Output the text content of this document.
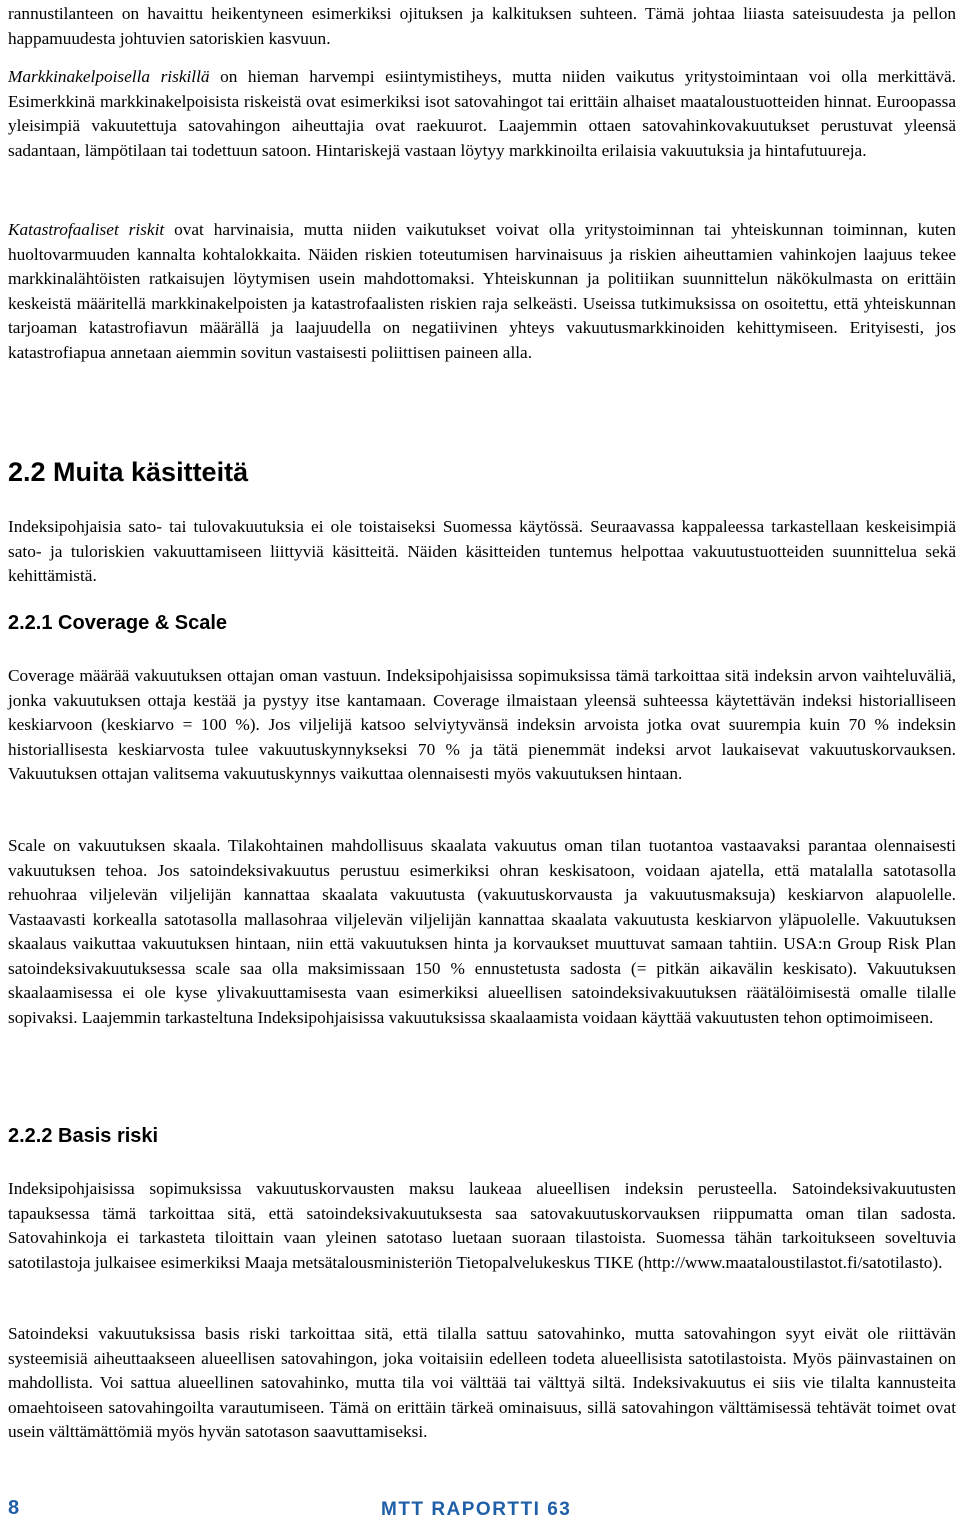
rannustilanteen on havaittu heikentyneen esimerkiksi ojituksen ja kalkituksen suhteen. Tämä johtaa liiasta sateisuudesta ja pellon happamuudesta johtuvien satoriskien kasvuun.

Markkinakelpoisella riskillä on hieman harvempi esiintymistiheys, mutta niiden vaikutus yritystoimintaan voi olla merkittävä. Esimerkkinä markkinakelpoisista riskeistä ovat esimerkiksi isot satovahingot tai erittäin alhaiset maataloustuotteiden hinnat. Euroopassa yleisimpiä vakuutettuja satovahingon aiheuttajia ovat raekuurot. Laajemmin ottaen satovahinkovakuutukset perustuvat yleensä sadantaan, lämpötilaan tai todettuun satoon. Hintariskejä vastaan löytyy markkinoilta erilaisia vakuutuksia ja hintafutuureja.

Katastrofaaliset riskit ovat harvinaisia, mutta niiden vaikutukset voivat olla yritystoiminnan tai yhteiskunnan toiminnan, kuten huoltovarmuuden kannalta kohtalokkaita. Näiden riskien toteutumisen harvinaisuus ja riskien aiheuttamien vahinkojen laajuus tekee markkinalähtöisten ratkaisujen löytymisen usein mahdottomaksi. Yhteiskunnan ja politiikan suunnittelun näkökulmasta on erittäin keskeistä määritellä markkinakelpoisten ja katastrofaalisten riskien raja selkeästi. Useissa tutkimuksissa on osoitettu, että yhteiskunnan tarjoaman katastrofiavun määrällä ja laajuudella on negatiivinen yhteys vakuutusmarkkinoiden kehittymiseen. Erityisesti, jos katastrofiapua annetaan aiemmin sovitun vastaisesti poliittisen paineen alla.

2.2 Muita käsitteitä

Indeksipohjaisia sato- tai tulovakuutuksia ei ole toistaiseksi Suomessa käytössä. Seuraavassa kappaleessa tarkastellaan keskeisimpiä sato- ja tuloriskien vakuuttamiseen liittyviä käsitteitä. Näiden käsitteiden tuntemus helpottaa vakuutustuotteiden suunnittelua sekä kehittämistä.

2.2.1 Coverage & Scale

Coverage määrää vakuutuksen ottajan oman vastuun. Indeksipohjaisissa sopimuksissa tämä tarkoittaa sitä indeksin arvon vaihteluväliä, jonka vakuutuksen ottaja kestää ja pystyy itse kantamaan. Coverage ilmaistaan yleensä suhteessa käytettävän indeksi historialliseen keskiarvoon (keskiarvo = 100 %). Jos viljelijä katsoo selviytyvänsä indeksin arvoista jotka ovat suurempia kuin 70 % indeksin historiallisesta keskiarvosta tulee vakuutuskynnykseksi 70 % ja tätä pienemmät indeksi arvot laukaisevat vakuutuskorvauksen. Vakuutuksen ottajan valitsema vakuutuskynnys vaikuttaa olennaisesti myös vakuutuksen hintaan.

Scale on vakuutuksen skaala. Tilakohtainen mahdollisuus skaalata vakuutus oman tilan tuotantoa vastaavaksi parantaa olennaisesti vakuutuksen tehoa. Jos satoindeksivakuutus perustuu esimerkiksi ohran keskisatoon, voidaan ajatella, että matalalla satotasolla rehuohraa viljelevän viljelijän kannattaa skaalata vakuutusta (vakuutuskorvausta ja vakuutusmaksuja) keskiarvon alapuolelle. Vastaavasti korkealla satotasolla mallasohraa viljelevän viljelijän kannattaa skaalata vakuutusta keskiarvon yläpuolelle. Vakuutuksen skaalaus vaikuttaa vakuutuksen hintaan, niin että vakuutuksen hinta ja korvaukset muuttuvat samaan tahtiin. USA:n Group Risk Plan satoindeksivakuutuksessa scale saa olla maksimissaan 150 % ennustetusta sadosta (= pitkän aikavälin keskisato). Vakuutuksen skaalaamisessa ei ole kyse ylivakuuttamisesta vaan esimerkiksi alueellisen satoindeksivakuutuksen räätälöimisestä omalle tilalle sopivaksi. Laajemmin tarkasteltuna Indeksipohjaisissa vakuutuksissa skaalaamista voidaan käyttää vakuutusten tehon optimoimiseen.

2.2.2 Basis riski

Indeksipohjaisissa sopimuksissa vakuutuskorvausten maksu laukeaa alueellisen indeksin perusteella. Satoindeksivakuutusten tapauksessa tämä tarkoittaa sitä, että satoindeksivakuutuksesta saa satovakuutuskorvauksen riippumatta oman tilan sadosta. Satovahinkoja ei tarkasteta tiloittain vaan yleinen satotaso luetaan suoraan tilastoista. Suomessa tähän tarkoitukseen soveltuvia satotilastoja julkaisee esimerkiksi Maaja metsätalousministeriön Tietopalvelukeskus TIKE (http://www.maataloustilastot.fi/satotilasto).

Satoindeksi vakuutuksissa basis riski tarkoittaa sitä, että tilalla sattuu satovahinko, mutta satovahingon syyt eivät ole riittävän systeemisiä aiheuttaakseen alueellisen satovahingon, joka voitaisiin edelleen todeta alueellisista satotilastoista. Myös päinvastainen on mahdollista. Voi sattua alueellinen satovahinko, mutta tila voi välttää tai välttyä siltä. Indeksivakuutus ei siis vie tilalta kannusteita omaehtoiseen satovahingoilta varautumiseen. Tämä on erittäin tärkeä ominaisuus, sillä satovahingon välttämisessä tehtävät toimet ovat usein välttämättömiä myös hyvän satotason saavuttamiseksi.

8	MTT RAPORTTI 63
